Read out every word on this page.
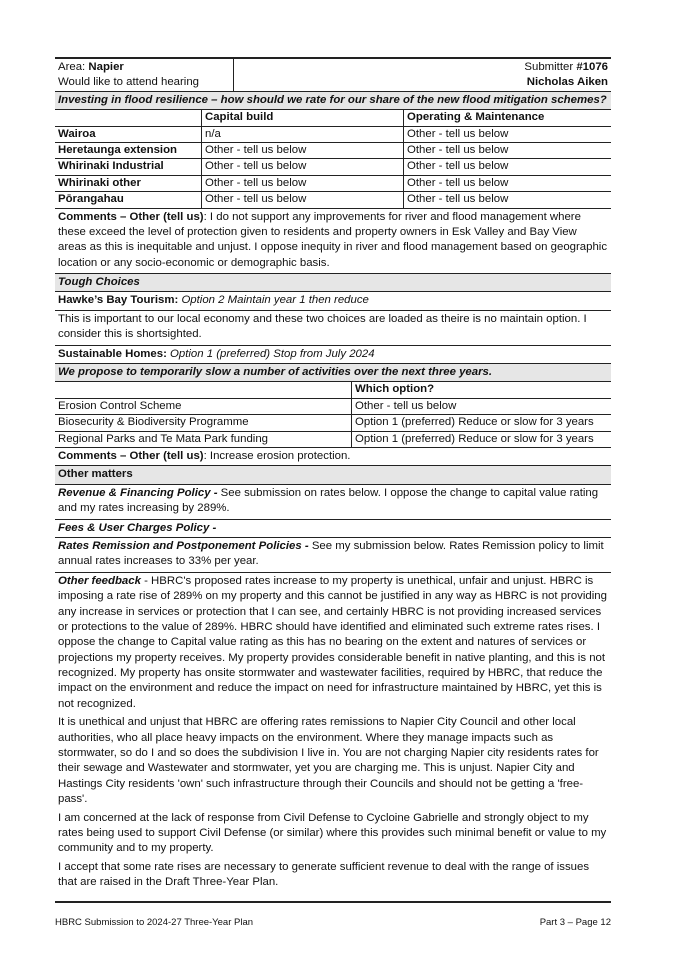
Area: Napier
Would like to attend hearing

Submitter #1076
Nicholas Aiken
Investing in flood resilience – how should we rate for our share of the new flood mitigation schemes?
	Capital build	Operating & Maintenance
Wairoa	n/a	Other - tell us below
Heretaunga extension	Other - tell us below	Other - tell us below
Whirinaki Industrial	Other - tell us below	Other - tell us below
Whirinaki other	Other - tell us below	Other - tell us below
Pōrangahau	Other - tell us below	Other - tell us below
Comments – Other (tell us): I do not support any improvements for river and flood management where these exceed the level of protection given to residents and property owners in Esk Valley and Bay View areas as this is inequitable and unjust. I oppose inequity in river and flood management based on geographic location or any socio-economic or demographic basis.
Tough Choices
Hawke’s Bay Tourism: Option 2 Maintain year 1 then reduce
This is important to our local economy and these two choices are loaded as theire is no maintain option. I consider this is shortsighted.
Sustainable Homes: Option 1 (preferred) Stop from July 2024
We propose to temporarily slow a number of activities over the next three years.
	Which option?
Erosion Control Scheme	Other - tell us below
Biosecurity & Biodiversity Programme	Option 1 (preferred) Reduce or slow for 3 years
Regional Parks and Te Mata Park funding	Option 1 (preferred) Reduce or slow for 3 years
Comments – Other (tell us): Increase erosion protection.
Other matters
Revenue & Financing Policy - See submission on rates below. I oppose the change to capital value rating and my rates increasing by 289%.
Fees & User Charges Policy -
Rates Remission and Postponement Policies - See my submission below. Rates Remission policy to limit annual rates increases to 33% per year.

Other feedback - HBRC's proposed rates increase to my property is unethical, unfair and unjust. HBRC is imposing a rate rise of 289% on my property and this cannot be justified in any way as HBRC is not providing any increase in services or protection that I can see, and certainly HBRC is not providing increased services or protections to the value of 289%. HBRC should have identified and eliminated such extreme rates rises. I oppose the change to Capital value rating as this has no bearing on the extent and natures of services or projections my property receives. My property provides considerable benefit in native planting, and this is not recognized. My property has onsite stormwater and wastewater facilities, required by HBRC, that reduce the impact on the environment and reduce the impact on need for infrastructure maintained by HBRC, yet this is not recognized.

It is unethical and unjust that HBRC are offering rates remissions to Napier City Council and other local authorities, who all place heavy impacts on the environment. Where they manage impacts such as stormwater, so do I and so does the subdivision I live in. You are not charging Napier city residents rates for their sewage and Wastewater and stormwater, yet you are charging me. This is unjust. Napier City and Hastings City residents 'own' such infrastructure through their Councils and should not be getting a 'free-pass'.

I am concerned at the lack of response from Civil Defense to Cycloine Gabrielle and strongly object to my rates being used to support Civil Defense (or similar) where this provides such minimal benefit or value to my community and to my property.

I accept that some rate rises are necessary to generate sufficient revenue to deal with the range of issues that are raised in the Draft Three-Year Plan.

HBRC Submission to 2024-27 Three-Year Plan	Part 3 – Page 12
